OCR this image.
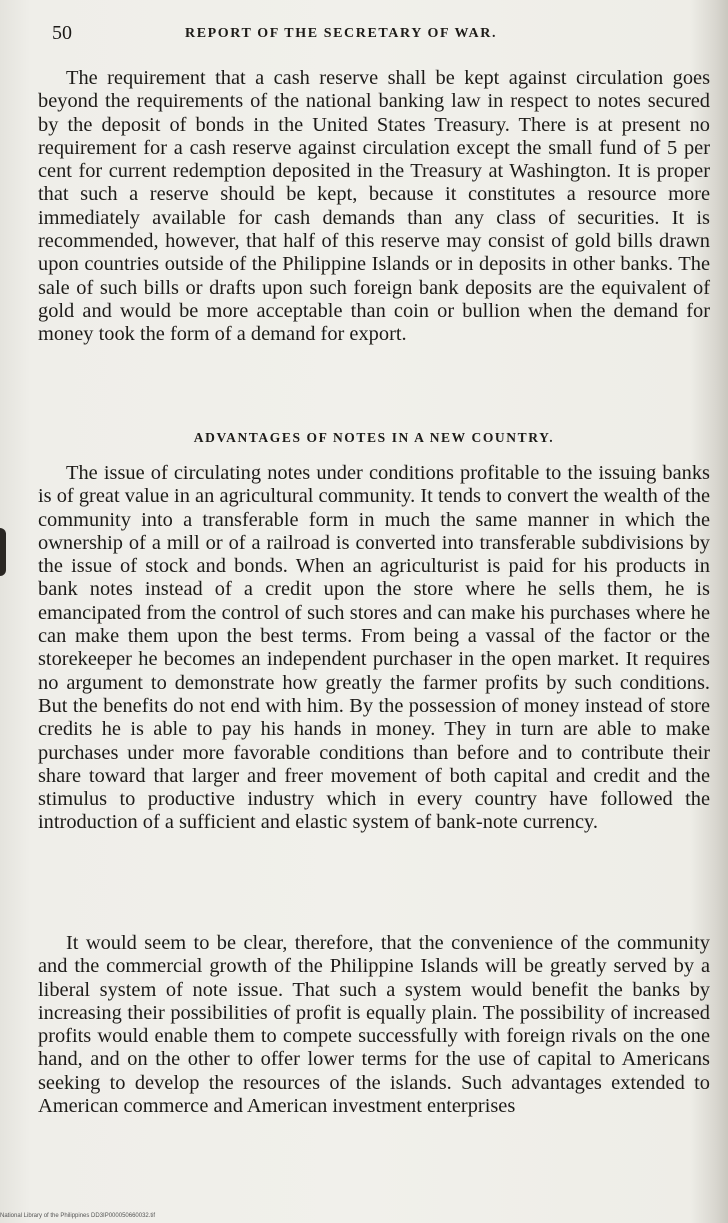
50	REPORT OF THE SECRETARY OF WAR.

The requirement that a cash reserve shall be kept against circulation goes beyond the requirements of the national banking law in respect to notes secured by the deposit of bonds in the United States Treasury. There is at present no requirement for a cash reserve against circulation except the small fund of 5 per cent for current redemption deposited in the Treasury at Washington. It is proper that such a reserve should be kept, because it constitutes a resource more immediately available for cash demands than any class of securities. It is recommended, however, that half of this reserve may consist of gold bills drawn upon countries outside of the Philippine Islands or in deposits in other banks. The sale of such bills or drafts upon such foreign bank deposits are the equivalent of gold and would be more acceptable than coin or bullion when the demand for money took the form of a demand for export.

ADVANTAGES OF NOTES IN A NEW COUNTRY.

The issue of circulating notes under conditions profitable to the issuing banks is of great value in an agricultural community. It tends to convert the wealth of the community into a transferable form in much the same manner in which the ownership of a mill or of a railroad is converted into transferable subdivisions by the issue of stock and bonds. When an agriculturist is paid for his products in bank notes instead of a credit upon the store where he sells them, he is emancipated from the control of such stores and can make his purchases where he can make them upon the best terms. From being a vassal of the factor or the storekeeper he becomes an independent purchaser in the open market. It requires no argument to demonstrate how greatly the farmer profits by such conditions. But the benefits do not end with him. By the possession of money instead of store credits he is able to pay his hands in money. They in turn are able to make purchases under more favorable conditions than before and to contribute their share toward that larger and freer movement of both capital and credit and the stimulus to productive industry which in every country have followed the introduction of a sufficient and elastic system of bank-note currency.

It would seem to be clear, therefore, that the convenience of the community and the commercial growth of the Philippine Islands will be greatly served by a liberal system of note issue. That such a system would benefit the banks by increasing their possibilities of profit is equally plain. The possibility of increased profits would enable them to compete successfully with foreign rivals on the one hand, and on the other to offer lower terms for the use of capital to Americans seeking to develop the resources of the islands. Such advantages extended to American commerce and American investment enterprises

National Library of the Philippines DD3IP000050660032.tif
